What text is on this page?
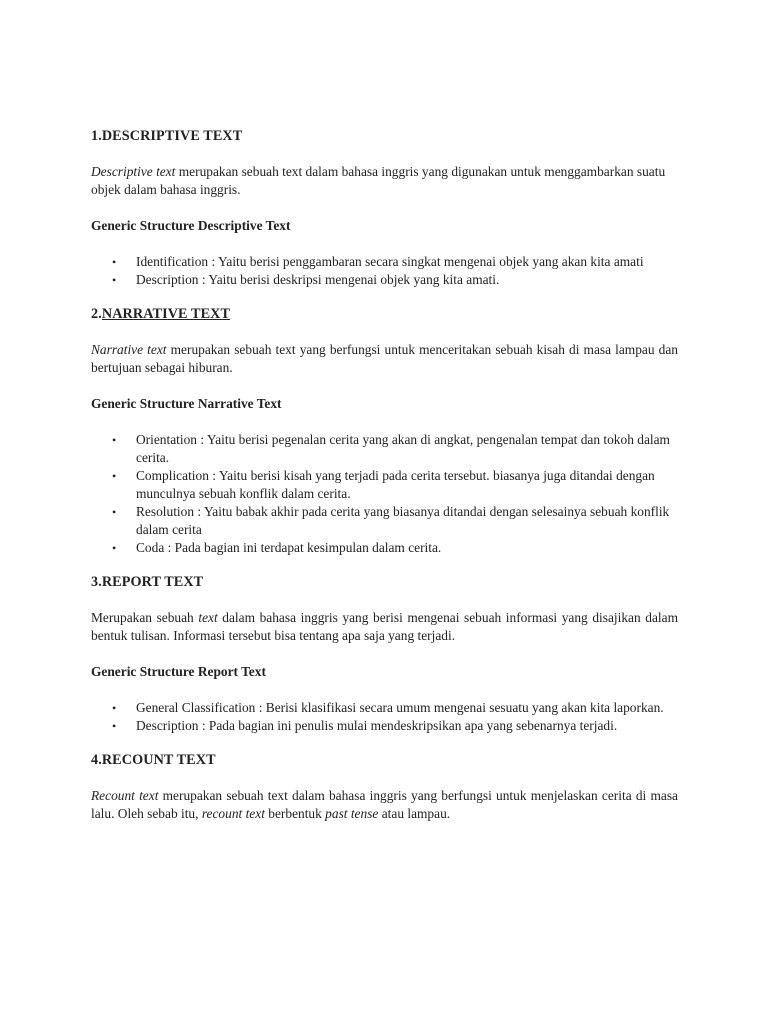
1.DESCRIPTIVE TEXT

Descriptive text merupakan sebuah text dalam bahasa inggris yang digunakan untuk menggambarkan suatu objek dalam bahasa inggris.

Generic Structure Descriptive Text

• Identification : Yaitu berisi penggambaran secara singkat mengenai objek yang akan kita amati
• Description : Yaitu berisi deskripsi mengenai objek yang kita amati.

2.NARRATIVE TEXT

Narrative text merupakan sebuah text yang berfungsi untuk menceritakan sebuah kisah di masa lampau dan bertujuan sebagai hiburan.

Generic Structure Narrative Text

• Orientation : Yaitu berisi pegenalan cerita yang akan di angkat, pengenalan tempat dan tokoh dalam cerita.
• Complication : Yaitu berisi kisah yang terjadi pada cerita tersebut. biasanya juga ditandai dengan munculnya sebuah konflik dalam cerita.
• Resolution : Yaitu babak akhir pada cerita yang biasanya ditandai dengan selesainya sebuah konflik dalam cerita
• Coda : Pada bagian ini terdapat kesimpulan dalam cerita.

3.REPORT TEXT

Merupakan sebuah text dalam bahasa inggris yang berisi mengenai sebuah informasi yang disajikan dalam bentuk tulisan. Informasi tersebut bisa tentang apa saja yang terjadi.

Generic Structure Report Text

• General Classification : Berisi klasifikasi secara umum mengenai sesuatu yang akan kita laporkan.
• Description : Pada bagian ini penulis mulai mendeskripsikan apa yang sebenarnya terjadi.

4.RECOUNT TEXT

Recount text merupakan sebuah text dalam bahasa inggris yang berfungsi untuk menjelaskan cerita di masa lalu. Oleh sebab itu, recount text berbentuk past tense atau lampau.
